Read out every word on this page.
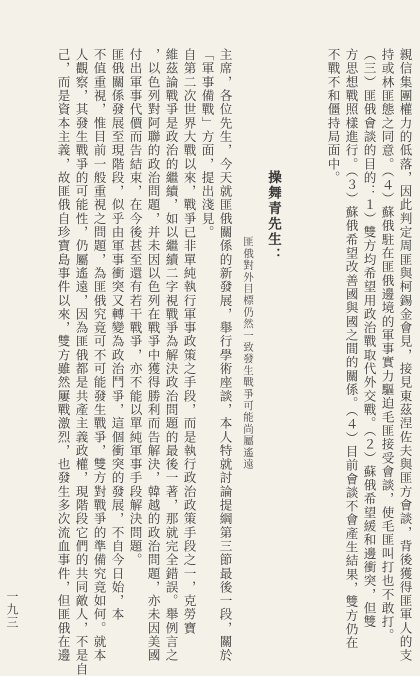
親信集團權力的低落，因此判定周匪與柯錫金會見，接見東茲涅佐夫與匪方會談，背後獲得匪軍人的支
持或林匪態之同意。（４）蘇俄駐在匪俄邊境的軍事實力驅迫毛匪接受會談，使毛匪叫打也不敢打。
（三）匪俄會談的目的：１）雙方均希望用政治戰取代外交戰。（２）蘇俄希望緩和邊衝突，但雙
方思想戰照樣進行。（３）蘇俄希望改善國與國之間的關係。（４）目前會談不會產生結果，雙方仍在
不戰不和僵持局面中。
操舞青先生：
匪俄對外目標仍然一致發生戰爭可能尚屬遙遠
主席，各位先生，今天就匪俄關係的新發展，舉行學術座談，本人特就討論提綱第三節最後一段，關於
「軍事備戰」方面，提出淺見。
自第二次世界大戰以來，戰爭已非單純執行軍事政策之手段，而是執行政治政策手段之一，克勞寶
維茲論戰爭是政治的繼續，如以繼續二字視戰爭為解決政治問題的最後一著，那就完全錯誤。舉例言之
，以色列對阿聯的政治問題，并未因以色列在戰爭中獲得勝利而告解決，韓越的政治問題，亦未因美國
付出軍事代價而告結束，在今後甚至還有若干戰爭，亦不能以單純軍事手段解決問題。
匪俄關係發展至現階段，似乎由軍事衝突又轉變為政治鬥爭，這個衝突的發展，不自今日始，本
不值重視，惟目前一般重視之問題，為匪俄究竟可不可能發生戰爭，雙方對戰爭的準備究竟如何。就本
人觀察，其發生戰爭的可能性，仍屬遙遠，因為匪俄都是共產主義政權，現階段它們的共同敵人，不是自
己，而是資本主義，故匪俄自珍寶島事件以來，雙方雖然屢戰激烈，也發生多次流血事件，但匪俄在邊
一九三
